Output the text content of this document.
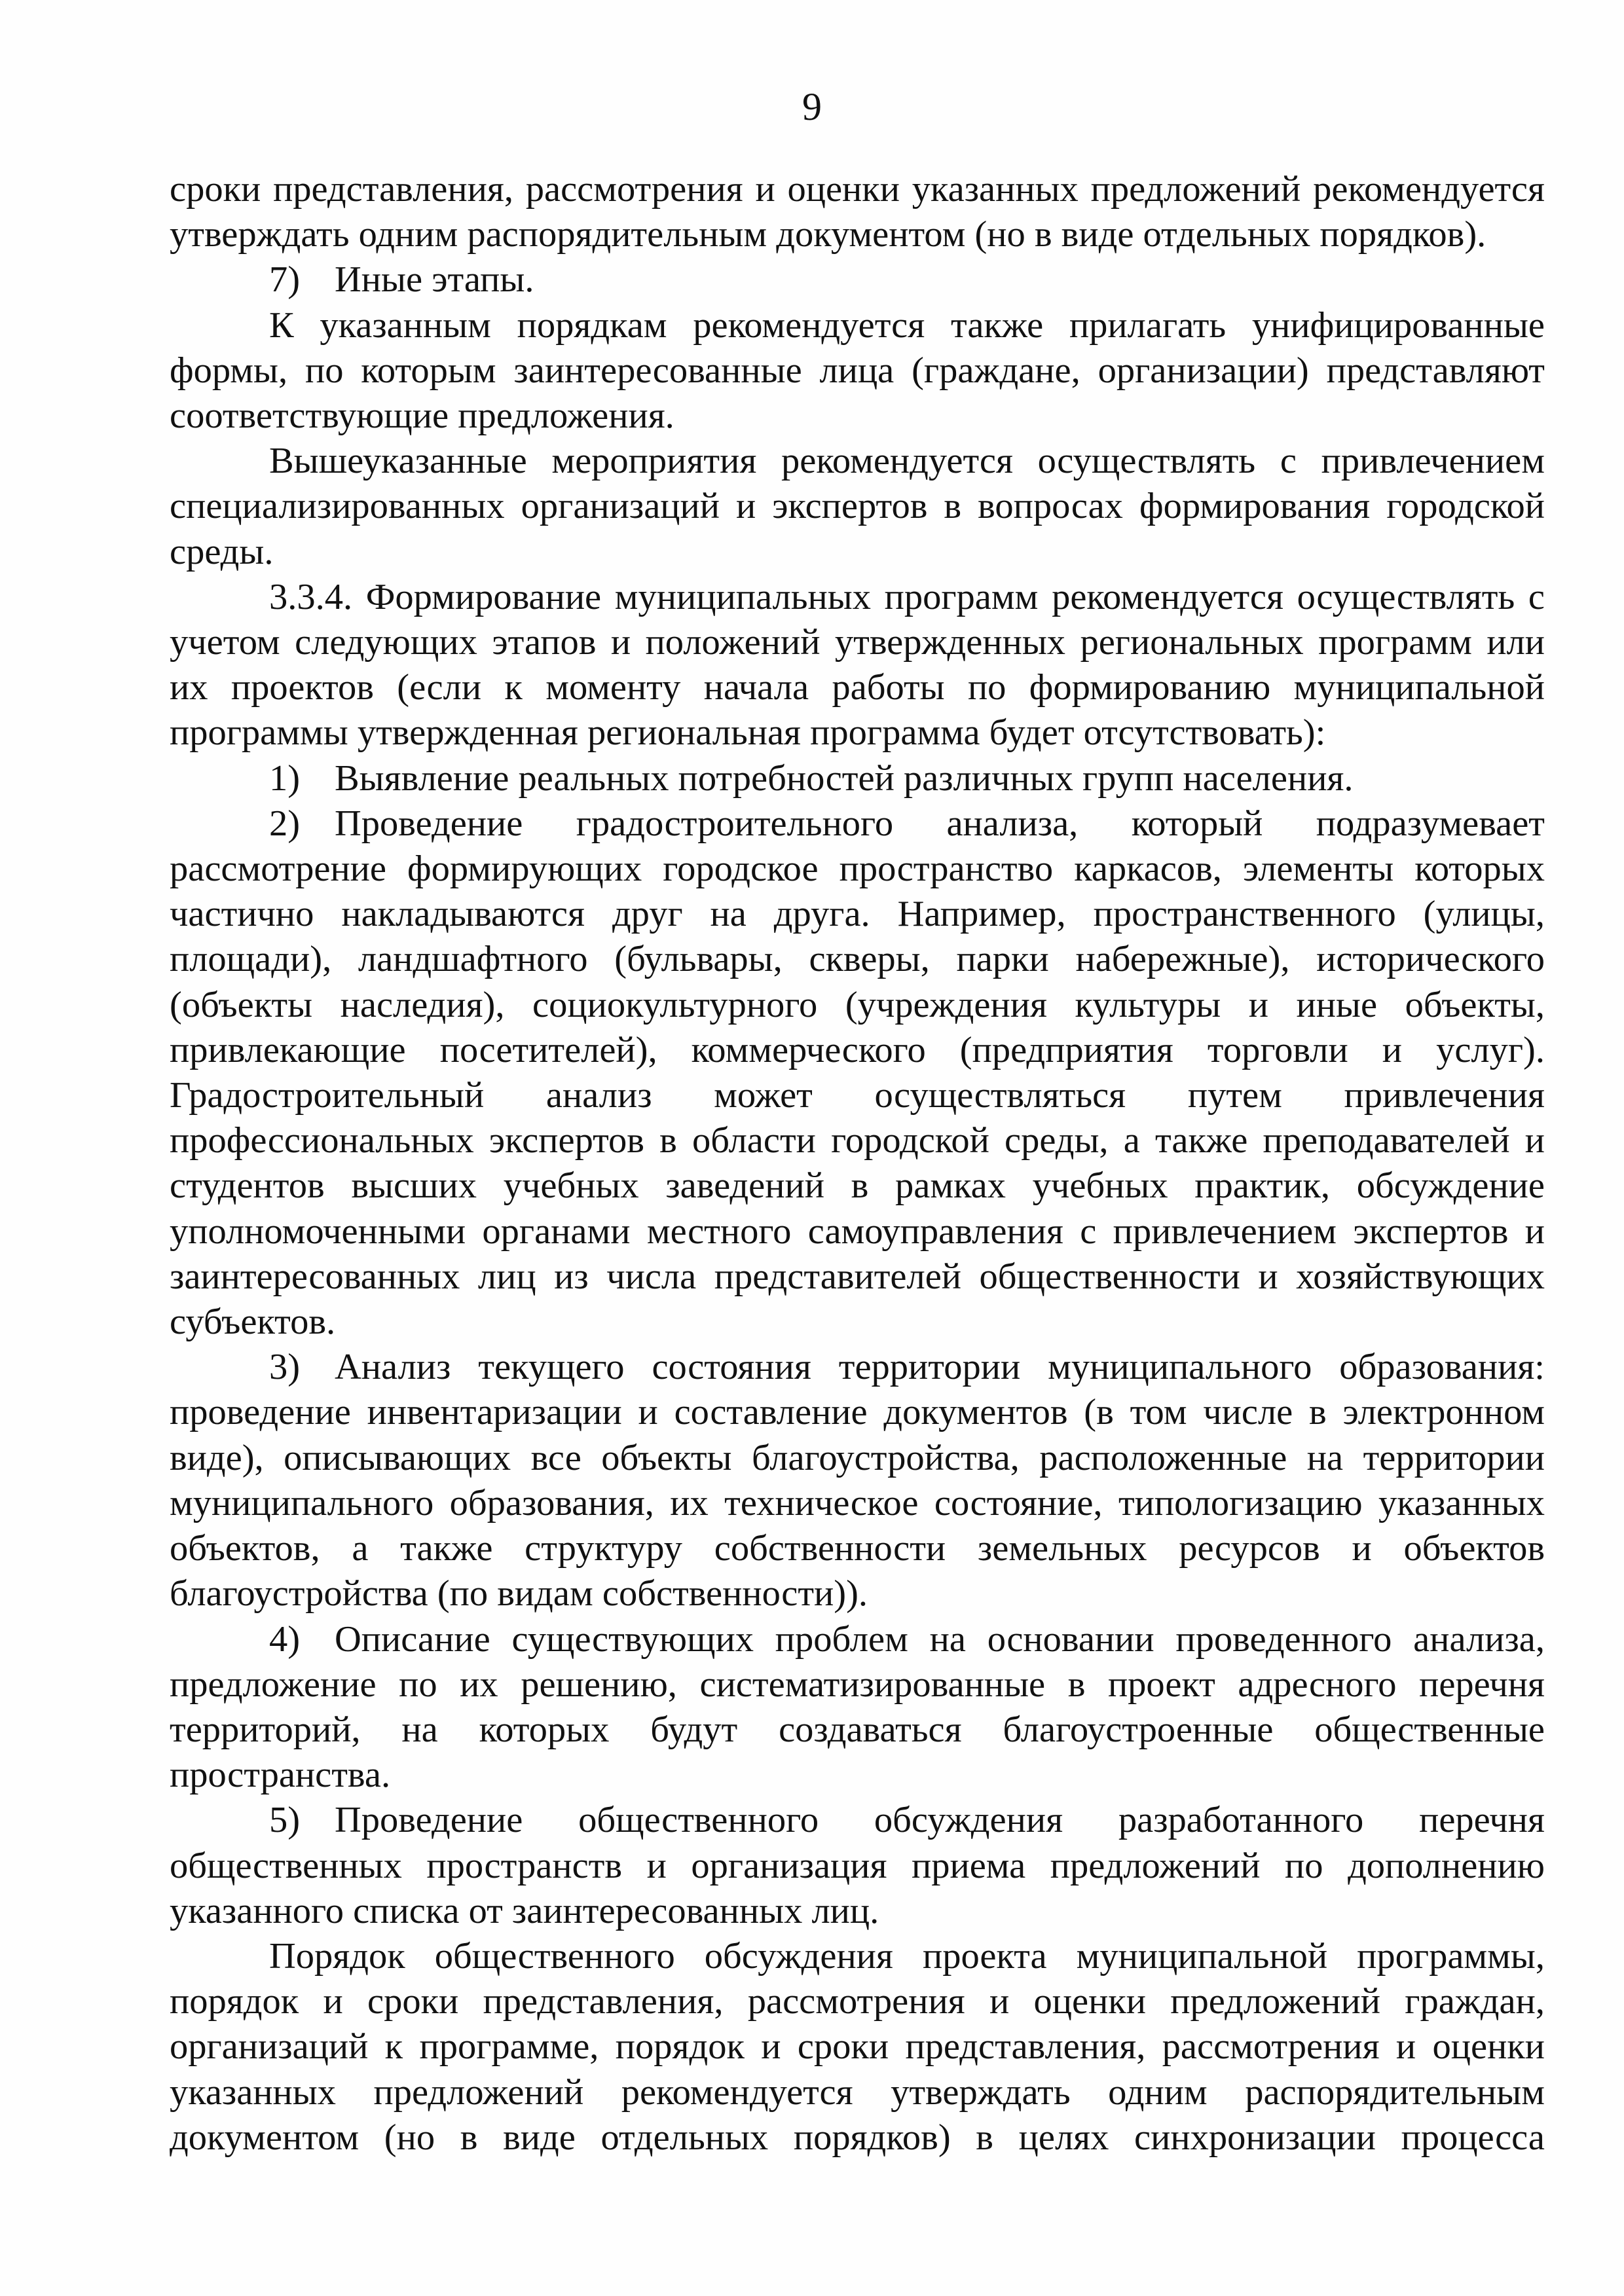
9

сроки представления, рассмотрения и оценки указанных предложений рекомендуется утверждать одним распорядительным документом (но в виде отдельных порядков).

7) Иные этапы.

К указанным порядкам рекомендуется также прилагать унифицированные формы, по которым заинтересованные лица (граждане, организации) представляют соответствующие предложения.

Вышеуказанные мероприятия рекомендуется осуществлять с привлечением специализированных организаций и экспертов в вопросах формирования городской среды.

3.3.4. Формирование муниципальных программ рекомендуется осуществлять с учетом следующих этапов и положений утвержденных региональных программ или их проектов (если к моменту начала работы по формированию муниципальной программы утвержденная региональная программа будет отсутствовать):

1) Выявление реальных потребностей различных групп населения.

2) Проведение градостроительного анализа, который подразумевает рассмотрение формирующих городское пространство каркасов, элементы которых частично накладываются друг на друга. Например, пространственного (улицы, площади), ландшафтного (бульвары, скверы, парки набережные), исторического (объекты наследия), социокультурного (учреждения культуры и иные объекты, привлекающие посетителей), коммерческого (предприятия торговли и услуг). Градостроительный анализ может осуществляться путем привлечения профессиональных экспертов в области городской среды, а также преподавателей и студентов высших учебных заведений в рамках учебных практик, обсуждение уполномоченными органами местного самоуправления с привлечением экспертов и заинтересованных лиц из числа представителей общественности и хозяйствующих субъектов.

3) Анализ текущего состояния территории муниципального образования: проведение инвентаризации и составление документов (в том числе в электронном виде), описывающих все объекты благоустройства, расположенные на территории муниципального образования, их техническое состояние, типологизацию указанных объектов, а также структуру собственности земельных ресурсов и объектов благоустройства (по видам собственности)).

4) Описание существующих проблем на основании проведенного анализа, предложение по их решению, систематизированные в проект адресного перечня территорий, на которых будут создаваться благоустроенные общественные пространства.

5) Проведение общественного обсуждения разработанного перечня общественных пространств и организация приема предложений по дополнению указанного списка от заинтересованных лиц.

Порядок общественного обсуждения проекта муниципальной программы, порядок и сроки представления, рассмотрения и оценки предложений граждан, организаций к программе, порядок и сроки представления, рассмотрения и оценки указанных предложений рекомендуется утверждать одним распорядительным документом (но в виде отдельных порядков) в целях синхронизации процесса
